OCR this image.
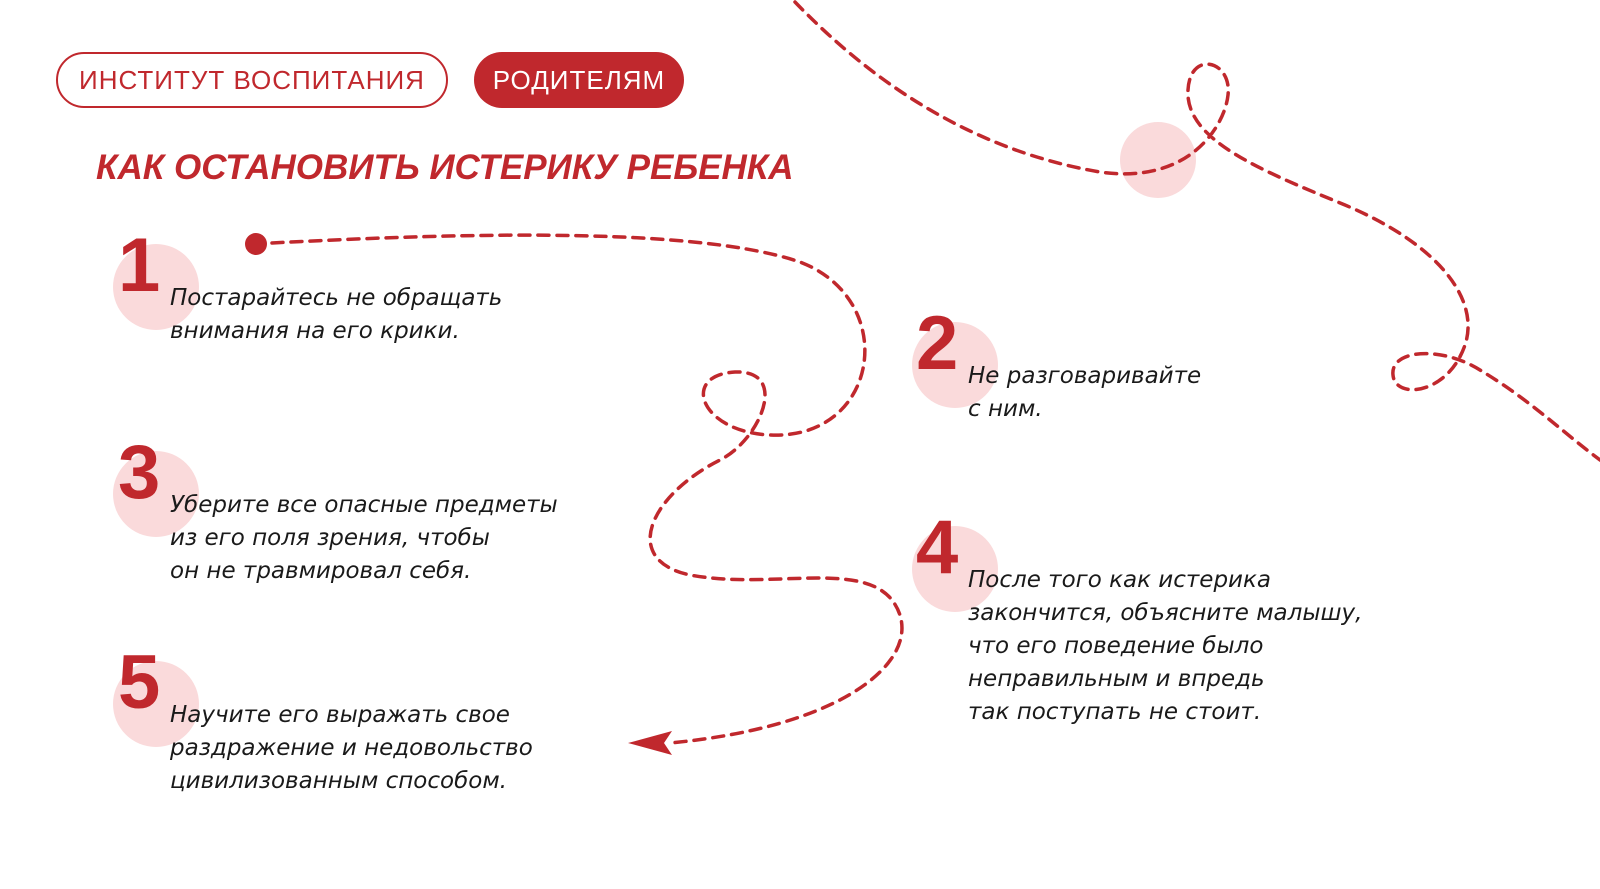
ИНСТИТУТ ВОСПИТАНИЯ	РОДИТЕЛЯМ
КАК ОСТАНОВИТЬ ИСТЕРИКУ РЕБЕНКА
1 Постарайтесь не обращать
внимания на его крики.	2 Не разговаривайте
с ним.

3 Уберите все опасные предметы
из его поля зрения, чтобы
он не травмировал себя.	4 После того как истерика
закончится, объясните малышу,
что его поведение было
неправильным и впредь
так поступать не стоит.

5 Научите его выражать свое
раздражение и недовольство
цивилизованным способом.
